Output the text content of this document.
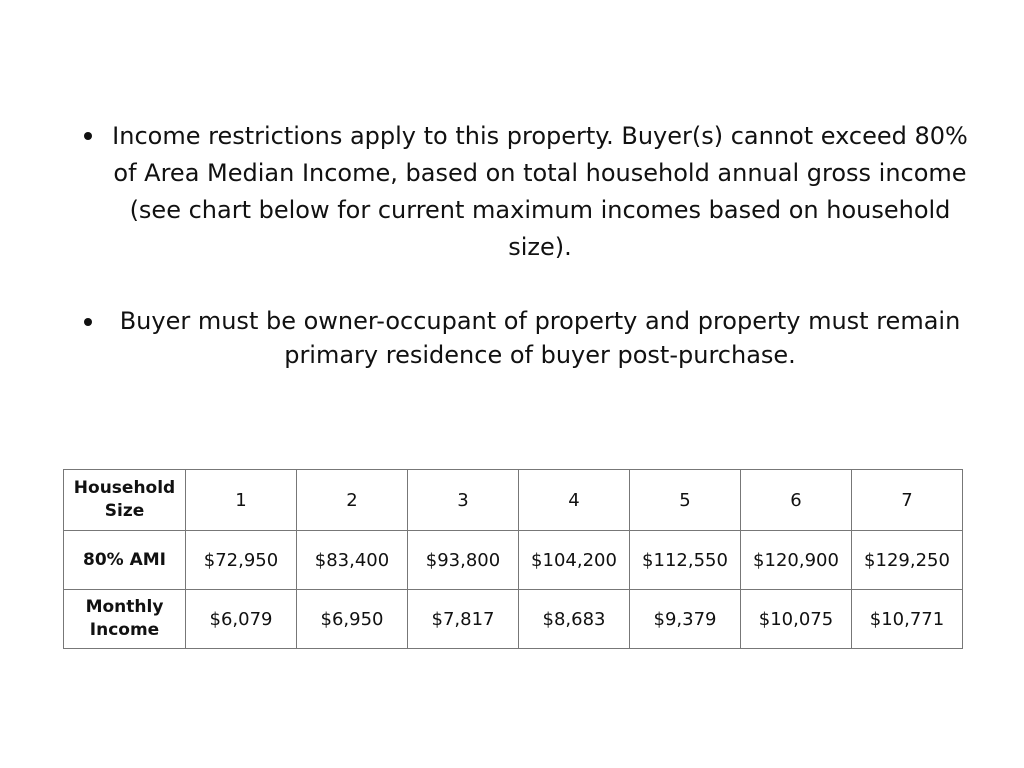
Income restrictions apply to this property. Buyer(s) cannot exceed 80% of Area Median Income, based on total household annual gross income (see chart below for current maximum incomes based on household size).
Buyer must be owner-occupant of property and property must remain primary residence of buyer post-purchase.
Household Size	1	2	3	4	5	6	7
80% AMI	$72,950	$83,400	$93,800	$104,200	$112,550	$120,900	$129,250
Monthly Income	$6,079	$6,950	$7,817	$8,683	$9,379	$10,075	$10,771
